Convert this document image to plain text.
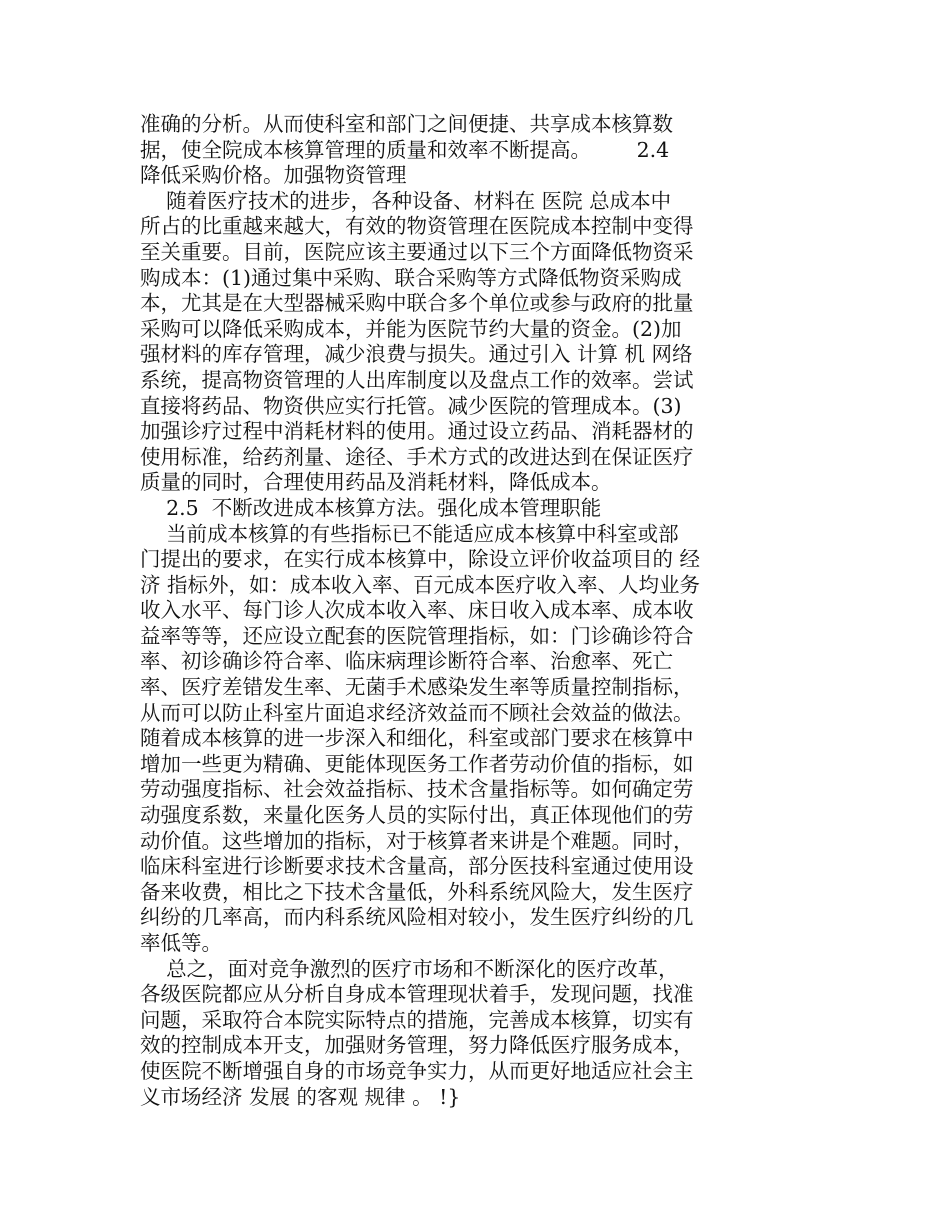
准确的分析。从而使科室和部门之间便捷、共享成本核算数
据，使全院成本核算管理的质量和效率不断提高。       2.4
降低采购价格。加强物资管理
随着医疗技术的进步，各种设备、材料在 医院 总成本中
所占的比重越来越大，有效的物资管理在医院成本控制中变得
至关重要。目前，医院应该主要通过以下三个方面降低物资采
购成本：(1)通过集中采购、联合采购等方式降低物资采购成
本，尤其是在大型器械采购中联合多个单位或参与政府的批量
采购可以降低采购成本，并能为医院节约大量的资金。(2)加
强材料的库存管理，减少浪费与损失。通过引入 计算 机 网络
系统，提高物资管理的人出库制度以及盘点工作的效率。尝试
直接将药品、物资供应实行托管。减少医院的管理成本。(3)
加强诊疗过程中消耗材料的使用。通过设立药品、消耗器材的
使用标准，给药剂量、途径、手术方式的改进达到在保证医疗
质量的同时，合理使用药品及消耗材料，降低成本。
2.5  不断改进成本核算方法。强化成本管理职能
当前成本核算的有些指标已不能适应成本核算中科室或部
门提出的要求，在实行成本核算中，除设立评价收益项目的 经
济 指标外，如：成本收入率、百元成本医疗收入率、人均业务
收入水平、每门诊人次成本收入率、床日收入成本率、成本收
益率等等，还应设立配套的医院管理指标，如：门诊确诊符合
率、初诊确诊符合率、临床病理诊断符合率、治愈率、死亡
率、医疗差错发生率、无菌手术感染发生率等质量控制指标，
从而可以防止科室片面追求经济效益而不顾社会效益的做法。
随着成本核算的进一步深入和细化，科室或部门要求在核算中
增加一些更为精确、更能体现医务工作者劳动价值的指标，如
劳动强度指标、社会效益指标、技术含量指标等。如何确定劳
动强度系数，来量化医务人员的实际付出，真正体现他们的劳
动价值。这些增加的指标，对于核算者来讲是个难题。同时，
临床科室进行诊断要求技术含量高，部分医技科室通过使用设
备来收费，相比之下技术含量低，外科系统风险大，发生医疗
纠纷的几率高，而内科系统风险相对较小，发生医疗纠纷的几
率低等。
总之，面对竞争激烈的医疗市场和不断深化的医疗改革，
各级医院都应从分析自身成本管理现状着手，发现问题，找准
问题，采取符合本院实际特点的措施，完善成本核算，切实有
效的控制成本开支，加强财务管理，努力降低医疗服务成本，
使医院不断增强自身的市场竞争实力，从而更好地适应社会主
义市场经济 发展 的客观 规律 。 !}
